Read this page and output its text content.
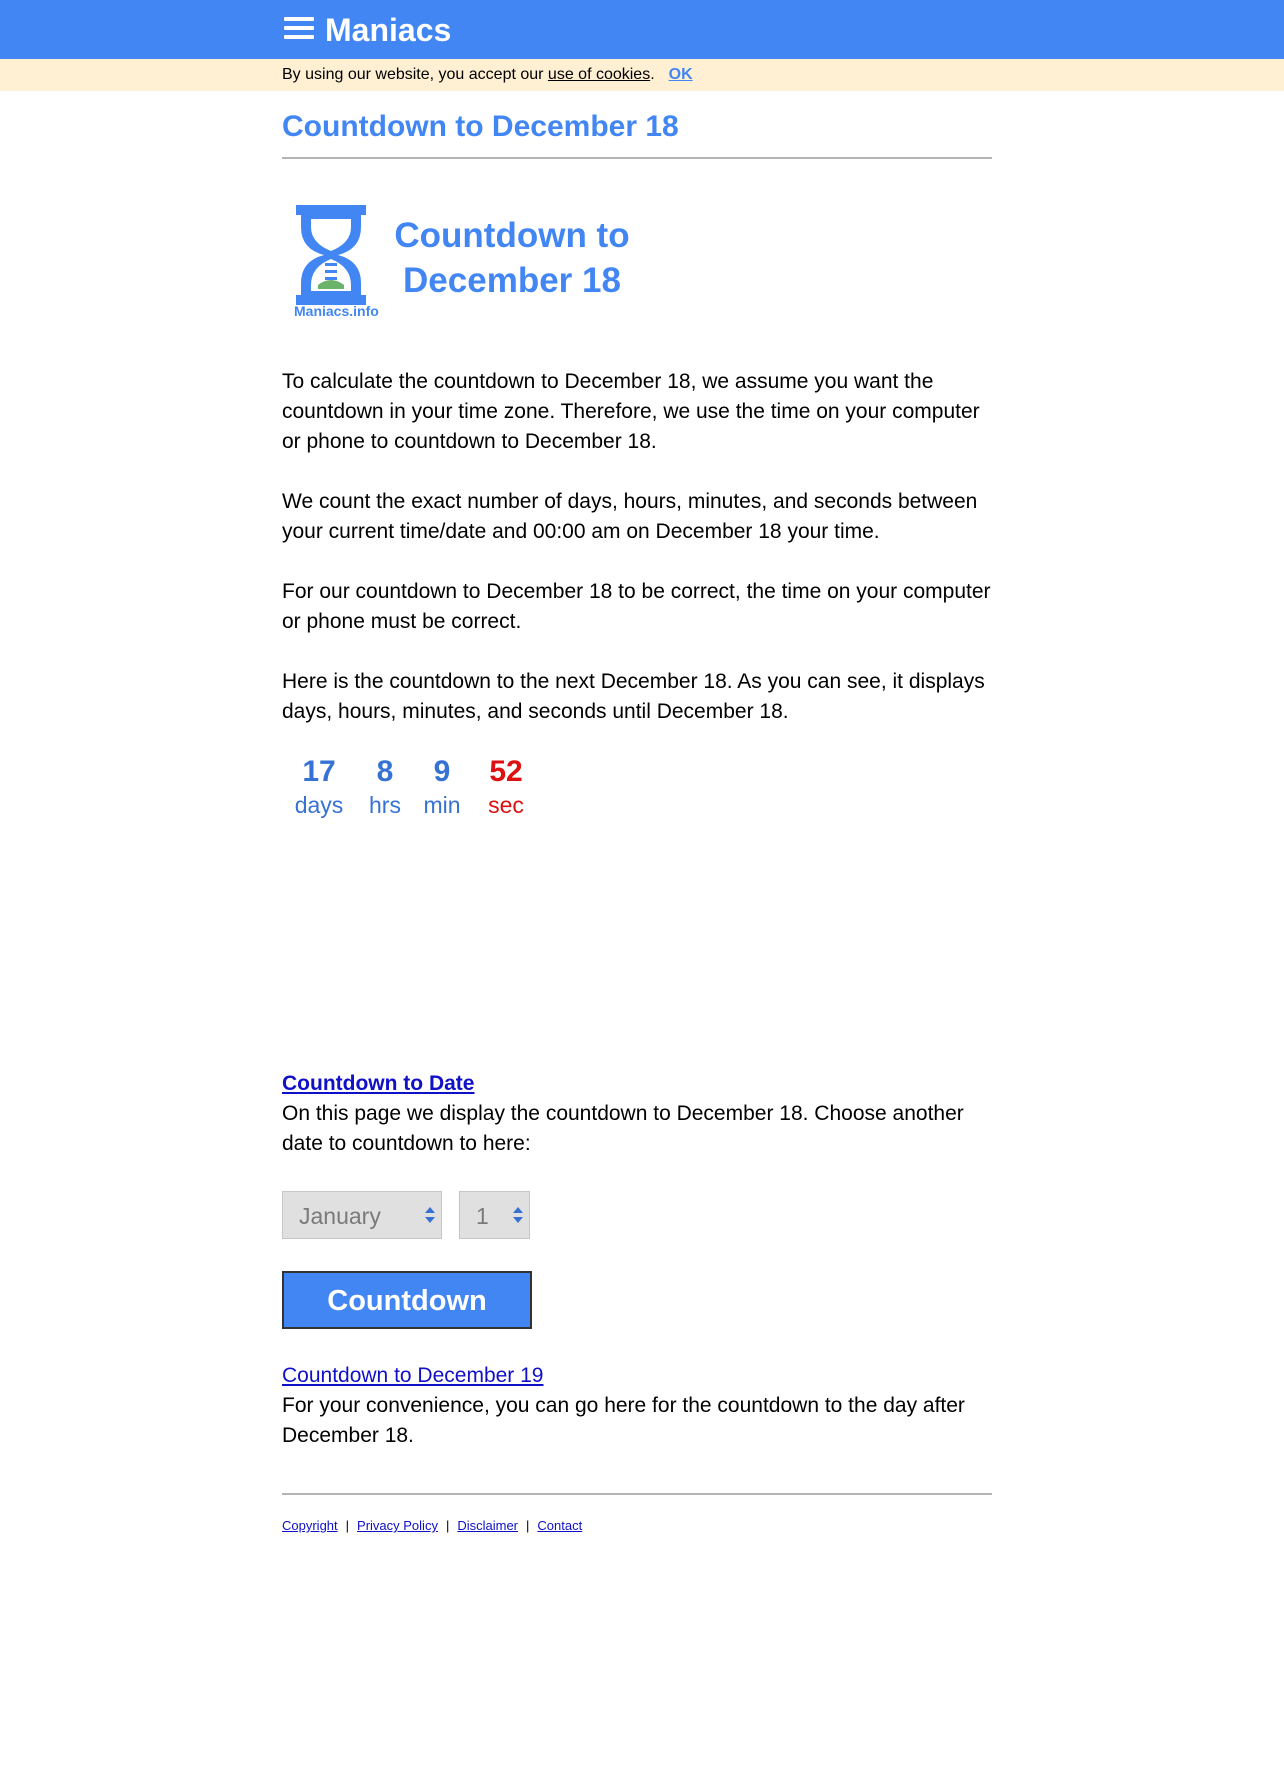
Maniacs
By using our website, you accept our use of cookies. OK
Countdown to December 18
Countdown to
December 18
Maniacs.info

To calculate the countdown to December 18, we assume you want the countdown in your time zone. Therefore, we use the time on your computer or phone to countdown to December 18.

We count the exact number of days, hours, minutes, and seconds between your current time/date and 00:00 am on December 18 your time.

For our countdown to December 18 to be correct, the time on your computer or phone must be correct.

Here is the countdown to the next December 18. As you can see, it displays days, hours, minutes, and seconds until December 18.

17
days
8
hrs
9
min
52
sec
Countdown to Date

On this page we display the countdown to December 18. Choose another date to countdown to here:

January	1
Countdown
Countdown to December 19

For your convenience, you can go here for the countdown to the day after December 18.

Copyright | Privacy Policy | Disclaimer | Contact
